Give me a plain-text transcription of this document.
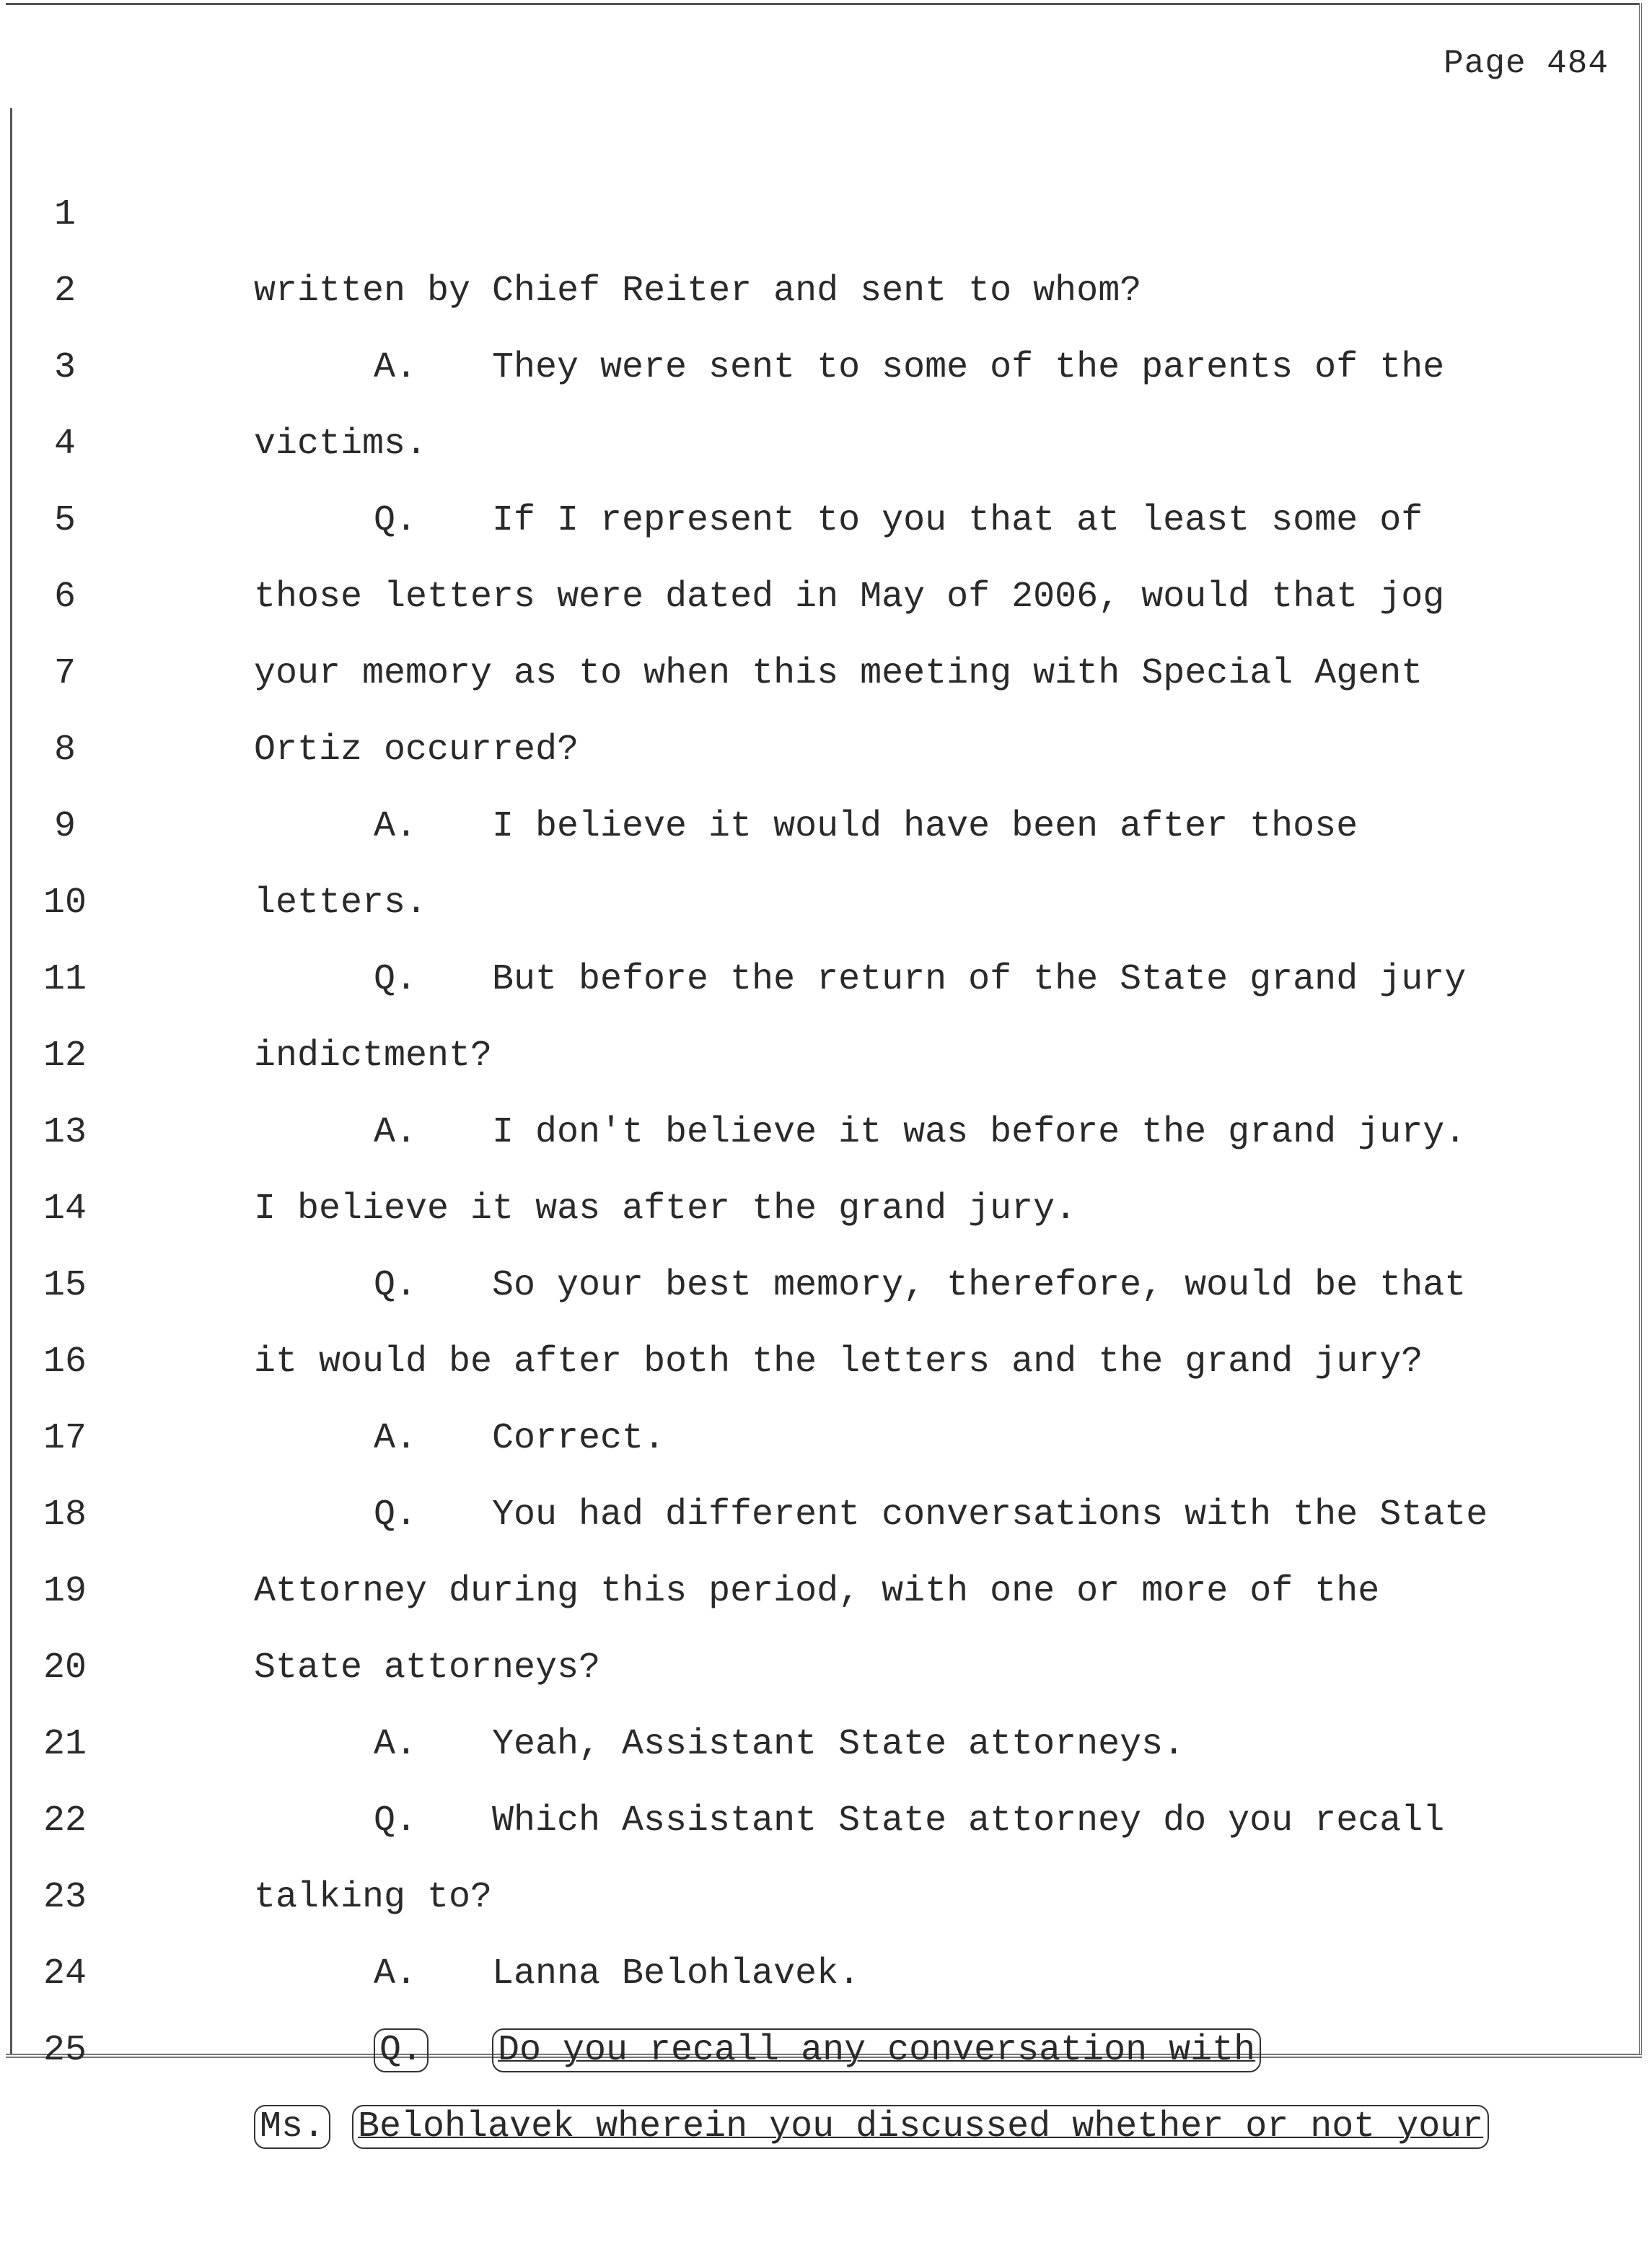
Page 484

1

written by Chief Reiter and sent to whom?

2

A. They were sent to some of the parents of the

3

victims.

4

Q. If I represent to you that at least some of

5

those letters were dated in May of 2006, would that jog

6

your memory as to when this meeting with Special Agent

7

Ortiz occurred?

8

A. I believe it would have been after those

9

letters.

10

Q. But before the return of the State grand jury

11

indictment?

12

A. I don't believe it was before the grand jury.

13

I believe it was after the grand jury.

14

Q. So your best memory, therefore, would be that

15

it would be after both the letters and the grand jury?

16

A. Correct.

17

Q. You had different conversations with the State

18

Attorney during this period, with one or more of the

19

State attorneys?

20

A. Yeah, Assistant State attorneys.

21

Q. Which Assistant State attorney do you recall

22

talking to?

23

A. Lanna Belohlavek.

24

Q. Do you recall any conversation with

25

Ms. Belohlavek wherein you discussed whether or not your
